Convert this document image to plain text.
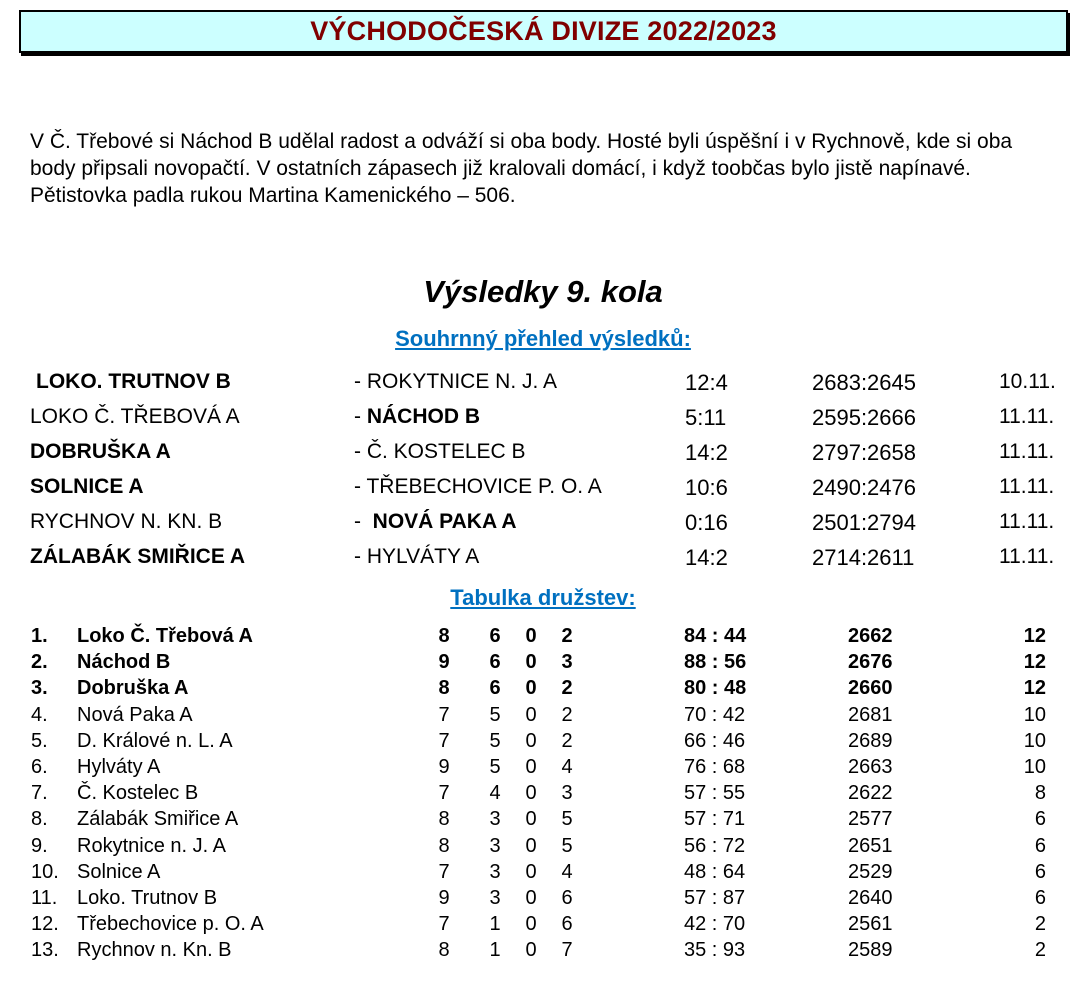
VÝCHODOČESKÁ DIVIZE 2022/2023

V Č. Třebové si Náchod B udělal radost a odváží si oba body. Hosté byli úspěšní i v Rychnově, kde si oba body připsali novopačtí. V ostatních zápasech již kralovali domácí, i když toobčas bylo jistě napínavé. Pětistovka padla rukou Martina Kamenického – 506.

Výsledky 9. kola
Souhrnný přehled výsledků:
LOKO. TRUTNOV B	- ROKYTNICE N. J. A	12:4	2683:2645	10.11.
LOKO Č. TŘEBOVÁ A	- NÁCHOD B	5:11	2595:2666	11.11.
DOBRUŠKA A	- Č. KOSTELEC B	14:2	2797:2658	11.11.
SOLNICE A	- TŘEBECHOVICE P. O. A	10:6	2490:2476	11.11.
RYCHNOV N. KN. B	-  NOVÁ PAKA A	0:16	2501:2794	11.11.
ZÁLABÁK SMIŘICE A	- HYLVÁTY A	14:2	2714:2611	11.11.
Tabulka družstev:
1. Loko Č. Třebová A	8 6 0 2	84 : 44	2662	12
2. Náchod B	9 6 0 3	88 : 56	2676	12
3. Dobruška A	8 6 0 2	80 : 48	2660	12
4. Nová Paka A	7 5 0 2	70 : 42	2681	10
5. D. Králové n. L. A	7 5 0 2	66 : 46	2689	10
6. Hylváty A	9 5 0 4	76 : 68	2663	10
7. Č. Kostelec B	7 4 0 3	57 : 55	2622	8
8. Zálabák Smiřice A	8 3 0 5	57 : 71	2577	6
9. Rokytnice n. J. A	8 3 0 5	56 : 72	2651	6
10. Solnice A	7 3 0 4	48 : 64	2529	6
11. Loko. Trutnov B	9 3 0 6	57 : 87	2640	6
12. Třebechovice p. O. A	7 1 0 6	42 : 70	2561	2
13. Rychnov n. Kn. B	8 1 0 7	35 : 93	2589	2
